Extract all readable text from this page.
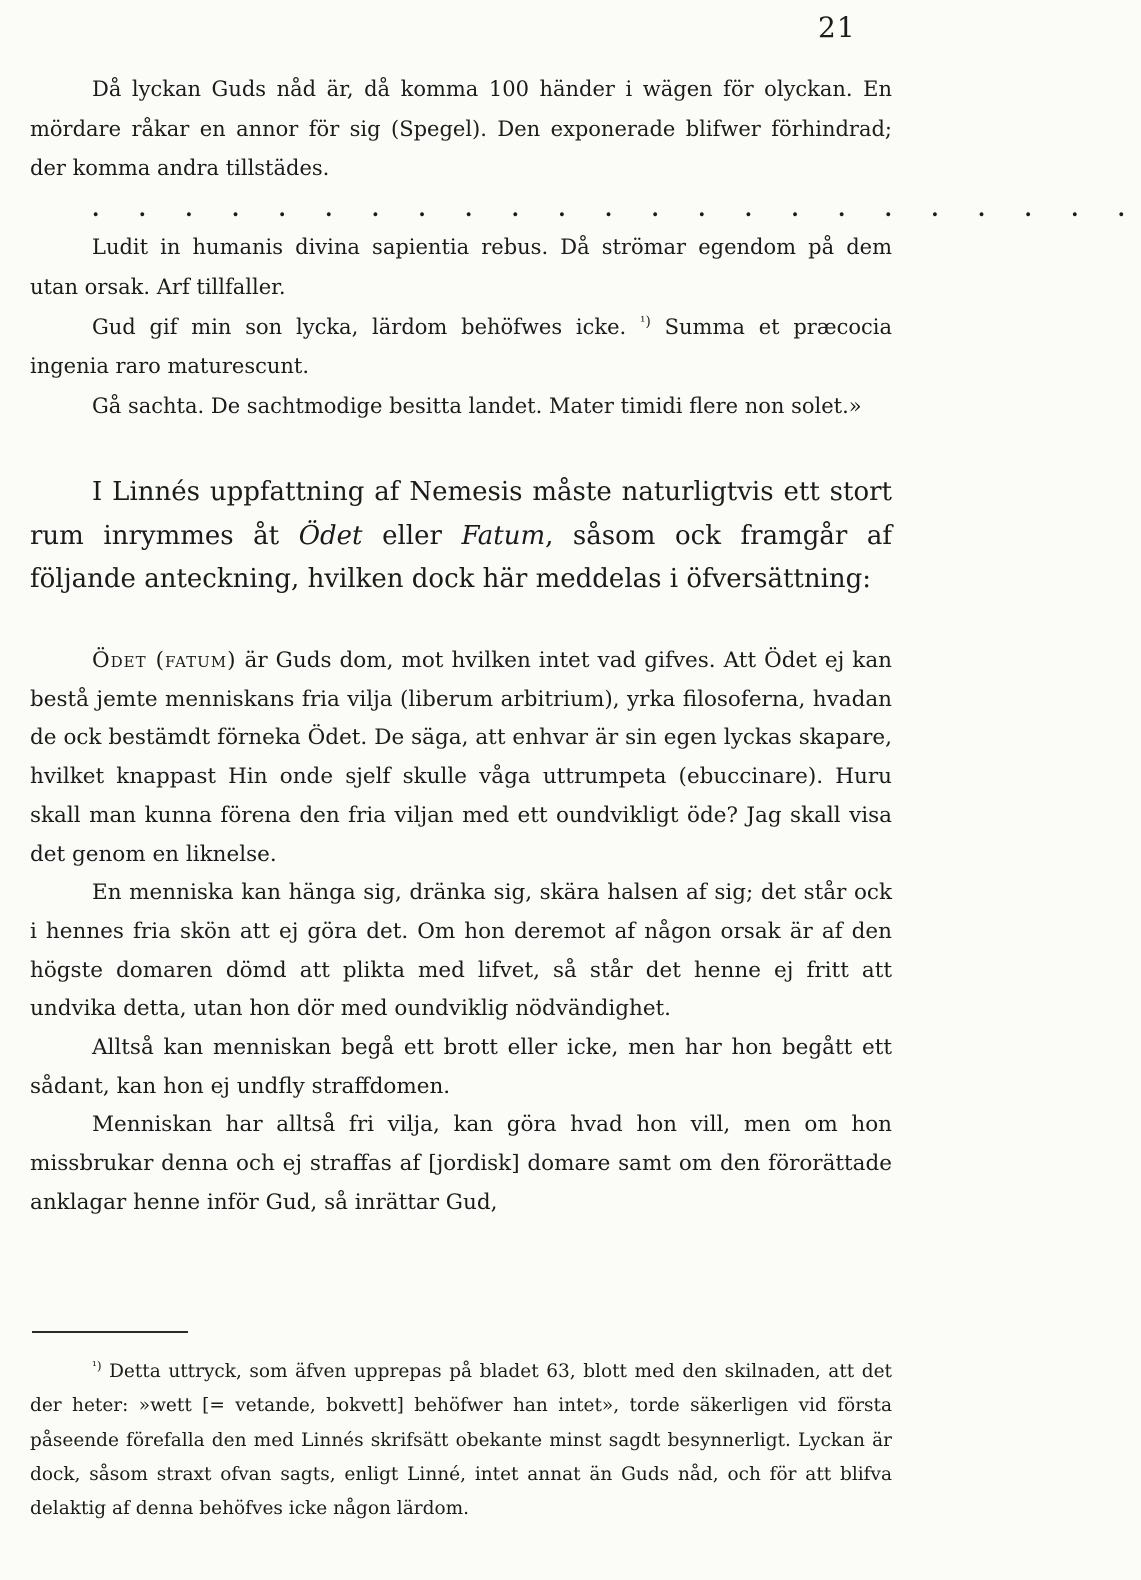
21

Då lyckan Guds nåd är, då komma 100 händer i wägen för olyckan. En mördare råkar en annor för sig (Spegel). Den exponerade blifwer förhindrad; der komma andra tillstädes.

. . . . . . . . . . . . . . . . . . . . . . .

Ludit in humanis divina sapientia rebus. Då strömar egendom på dem utan orsak. Arf tillfaller.

Gud gif min son lycka, lärdom behöfwes icke. $^{^1)}$ Summa et præcocia ingenia raro maturescunt.

Gå sachta. De sachtmodige besitta landet. Mater timidi flere non solet.»

I Linnés uppfattning af Nemesis måste naturligtvis ett stort rum inrymmes åt Ödet eller Fatum, såsom ock framgår af följande anteckning, hvilken dock här meddelas i öfversättning:

Ödet (fatum) är Guds dom, mot hvilken intet vad gifves. Att Ödet ej kan bestå jemte menniskans fria vilja (liberum arbitrium), yrka filosoferna, hvadan de ock bestämdt förneka Ödet. De säga, att enhvar är sin egen lyckas skapare, hvilket knappast Hin onde sjelf skulle våga uttrumpeta (ebuccinare). Huru skall man kunna förena den fria viljan med ett oundvikligt öde? Jag skall visa det genom en liknelse.

En menniska kan hänga sig, dränka sig, skära halsen af sig; det står ock i hennes fria skön att ej göra det. Om hon deremot af någon orsak är af den högste domaren dömd att plikta med lifvet, så står det henne ej fritt att undvika detta, utan hon dör med oundviklig nödvändighet.

Alltså kan menniskan begå ett brott eller icke, men har hon begått ett sådant, kan hon ej undfly straffdomen.

Menniskan har alltså fri vilja, kan göra hvad hon vill, men om hon missbrukar denna och ej straffas af [jordisk] domare samt om den förorättade anklagar henne inför Gud, så inrättar Gud,

$^{^1)}$ Detta uttryck, som äfven upprepas på bladet 63, blott med den skilnaden, att det der heter: »wett [= vetande, bokvett] behöfwer han intet», torde säkerligen vid första påseende förefalla den med Linnés skrifsätt obekante minst sagdt besynnerligt. Lyckan är dock, såsom straxt ofvan sagts, enligt Linné, intet annat än Guds nåd, och för att blifva delaktig af denna behöfves icke någon lärdom.
